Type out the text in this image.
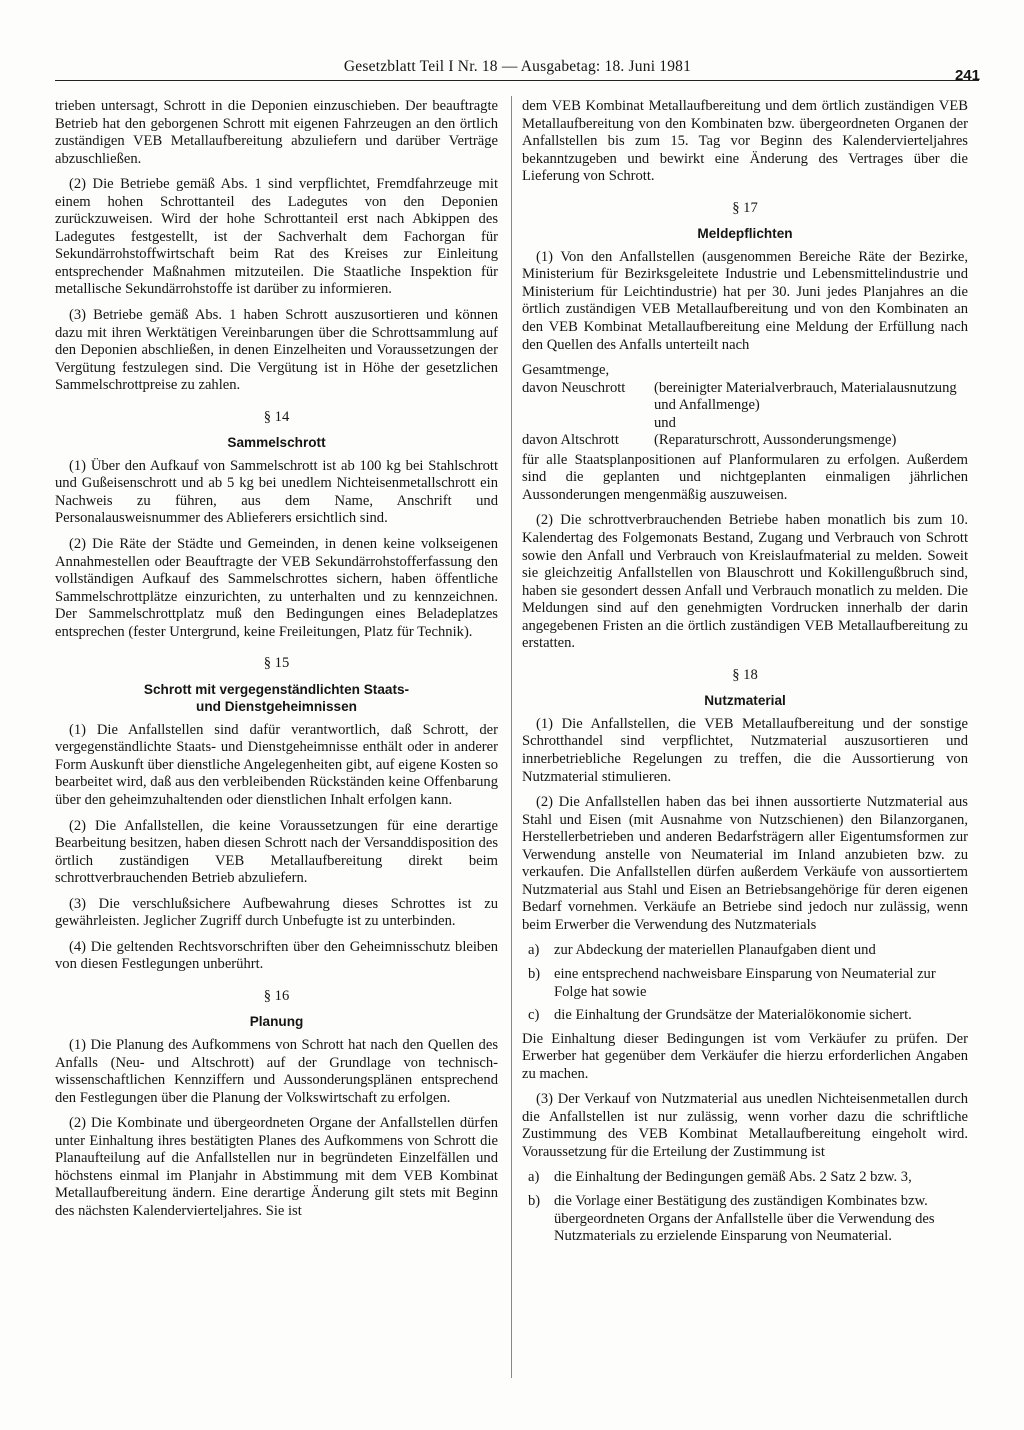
Gesetzblatt Teil I Nr. 18 — Ausgabetag: 18. Juni 1981
241

trieben untersagt, Schrott in die Deponien einzuschieben. Der beauftragte Betrieb hat den geborgenen Schrott mit eigenen Fahrzeugen an den örtlich zuständigen VEB Metallaufbereitung abzuliefern und darüber Verträge abzuschließen.

(2) Die Betriebe gemäß Abs. 1 sind verpflichtet, Fremdfahrzeuge mit einem hohen Schrottanteil des Ladegutes von den Deponien zurückzuweisen. Wird der hohe Schrottanteil erst nach Abkippen des Ladegutes festgestellt, ist der Sachverhalt dem Fachorgan für Sekundärrohstoffwirtschaft beim Rat des Kreises zur Einleitung entsprechender Maßnahmen mitzuteilen. Die Staatliche Inspektion für metallische Sekundärrohstoffe ist darüber zu informieren.

(3) Betriebe gemäß Abs. 1 haben Schrott auszusortieren und können dazu mit ihren Werktätigen Vereinbarungen über die Schrottsammlung auf den Deponien abschließen, in denen Einzelheiten und Voraussetzungen der Vergütung festzulegen sind. Die Vergütung ist in Höhe der gesetzlichen Sammelschrottpreise zu zahlen.

§ 14
Sammelschrott

(1) Über den Aufkauf von Sammelschrott ist ab 100 kg bei Stahlschrott und Gußeisenschrott und ab 5 kg bei unedlem Nichteisenmetallschrott ein Nachweis zu führen, aus dem Name, Anschrift und Personalausweisnummer des Ablieferers ersichtlich sind.

(2) Die Räte der Städte und Gemeinden, in denen keine volkseigenen Annahmestellen oder Beauftragte der VEB Sekundärrohstofferfassung den vollständigen Aufkauf des Sammelschrottes sichern, haben öffentliche Sammelschrottplätze einzurichten, zu unterhalten und zu kennzeichnen. Der Sammelschrottplatz muß den Bedingungen eines Beladeplatzes entsprechen (fester Untergrund, keine Freileitungen, Platz für Technik).

§ 15
Schrott mit vergegenständlichten Staats-
und Dienstgeheimnissen

(1) Die Anfallstellen sind dafür verantwortlich, daß Schrott, der vergegenständlichte Staats- und Dienstgeheimnisse enthält oder in anderer Form Auskunft über dienstliche Angelegenheiten gibt, auf eigene Kosten so bearbeitet wird, daß aus den verbleibenden Rückständen keine Offenbarung über den geheimzuhaltenden oder dienstlichen Inhalt erfolgen kann.

(2) Die Anfallstellen, die keine Voraussetzungen für eine derartige Bearbeitung besitzen, haben diesen Schrott nach der Versanddisposition des örtlich zuständigen VEB Metallaufbereitung direkt beim schrottverbrauchenden Betrieb abzuliefern.

(3) Die verschlußsichere Aufbewahrung dieses Schrottes ist zu gewährleisten. Jeglicher Zugriff durch Unbefugte ist zu unterbinden.

(4) Die geltenden Rechtsvorschriften über den Geheimnisschutz bleiben von diesen Festlegungen unberührt.

§ 16
Planung

(1) Die Planung des Aufkommens von Schrott hat nach den Quellen des Anfalls (Neu- und Altschrott) auf der Grundlage von technisch-wissenschaftlichen Kennziffern und Aussonderungsplänen entsprechend den Festlegungen über die Planung der Volkswirtschaft zu erfolgen.

(2) Die Kombinate und übergeordneten Organe der Anfallstellen dürfen unter Einhaltung ihres bestätigten Planes des Aufkommens von Schrott die Planaufteilung auf die Anfallstellen nur in begründeten Einzelfällen und höchstens einmal im Planjahr in Abstimmung mit dem VEB Kombinat Metallaufbereitung ändern. Eine derartige Änderung gilt stets mit Beginn des nächsten Kalendervierteljahres. Sie ist

dem VEB Kombinat Metallaufbereitung und dem örtlich zuständigen VEB Metallaufbereitung von den Kombinaten bzw. übergeordneten Organen der Anfallstellen bis zum 15. Tag vor Beginn des Kalendervierteljahres bekanntzugeben und bewirkt eine Änderung des Vertrages über die Lieferung von Schrott.

§ 17
Meldepflichten

(1) Von den Anfallstellen (ausgenommen Bereiche Räte der Bezirke, Ministerium für Bezirksgeleitete Industrie und Lebensmittelindustrie und Ministerium für Leichtindustrie) hat per 30. Juni jedes Planjahres an die örtlich zuständigen VEB Metallaufbereitung und von den Kombinaten an den VEB Kombinat Metallaufbereitung eine Meldung der Erfüllung nach den Quellen des Anfalls unterteilt nach

Gesamtmenge,
davon Neuschrott	(bereinigter Materialverbrauch, Materialausnutzung und Anfallmenge)
und
davon Altschrott	(Reparaturschrott, Aussonderungsmenge)

für alle Staatsplanpositionen auf Planformularen zu erfolgen. Außerdem sind die geplanten und nichtgeplanten einmaligen jährlichen Aussonderungen mengenmäßig auszuweisen.

(2) Die schrottverbrauchenden Betriebe haben monatlich bis zum 10. Kalendertag des Folgemonats Bestand, Zugang und Verbrauch von Schrott sowie den Anfall und Verbrauch von Kreislaufmaterial zu melden. Soweit sie gleichzeitig Anfallstellen von Blauschrott und Kokillengußbruch sind, haben sie gesondert dessen Anfall und Verbrauch monatlich zu melden. Die Meldungen sind auf den genehmigten Vordrucken innerhalb der darin angegebenen Fristen an die örtlich zuständigen VEB Metallaufbereitung zu erstatten.

§ 18
Nutzmaterial

(1) Die Anfallstellen, die VEB Metallaufbereitung und der sonstige Schrotthandel sind verpflichtet, Nutzmaterial auszusortieren und innerbetriebliche Regelungen zu treffen, die die Aussortierung von Nutzmaterial stimulieren.

(2) Die Anfallstellen haben das bei ihnen aussortierte Nutzmaterial aus Stahl und Eisen (mit Ausnahme von Nutzschienen) den Bilanzorganen, Herstellerbetrieben und anderen Bedarfsträgern aller Eigentumsformen zur Verwendung anstelle von Neumaterial im Inland anzubieten bzw. zu verkaufen. Die Anfallstellen dürfen außerdem Verkäufe von aussortiertem Nutzmaterial aus Stahl und Eisen an Betriebsangehörige für deren eigenen Bedarf vornehmen. Verkäufe an Betriebe sind jedoch nur zulässig, wenn beim Erwerber die Verwendung des Nutzmaterials

a)	zur Abdeckung der materiellen Planaufgaben dient und
b) eine entsprechend nachweisbare Einsparung von Neumaterial zur Folge hat sowie
c)	die Einhaltung der Grundsätze der Materialökonomie sichert.

Die Einhaltung dieser Bedingungen ist vom Verkäufer zu prüfen. Der Erwerber hat gegenüber dem Verkäufer die hierzu erforderlichen Angaben zu machen.

(3) Der Verkauf von Nutzmaterial aus unedlen Nichteisenmetallen durch die Anfallstellen ist nur zulässig, wenn vorher dazu die schriftliche Zustimmung des VEB Kombinat Metallaufbereitung eingeholt wird. Voraussetzung für die Erteilung der Zustimmung ist

a)	die Einhaltung der Bedingungen gemäß Abs. 2 Satz 2 bzw. 3,
b) die Vorlage einer Bestätigung des zuständigen Kombinates bzw. übergeordneten Organs der Anfallstelle über die Verwendung des Nutzmaterials zu erzielende Einsparung von Neumaterial.
